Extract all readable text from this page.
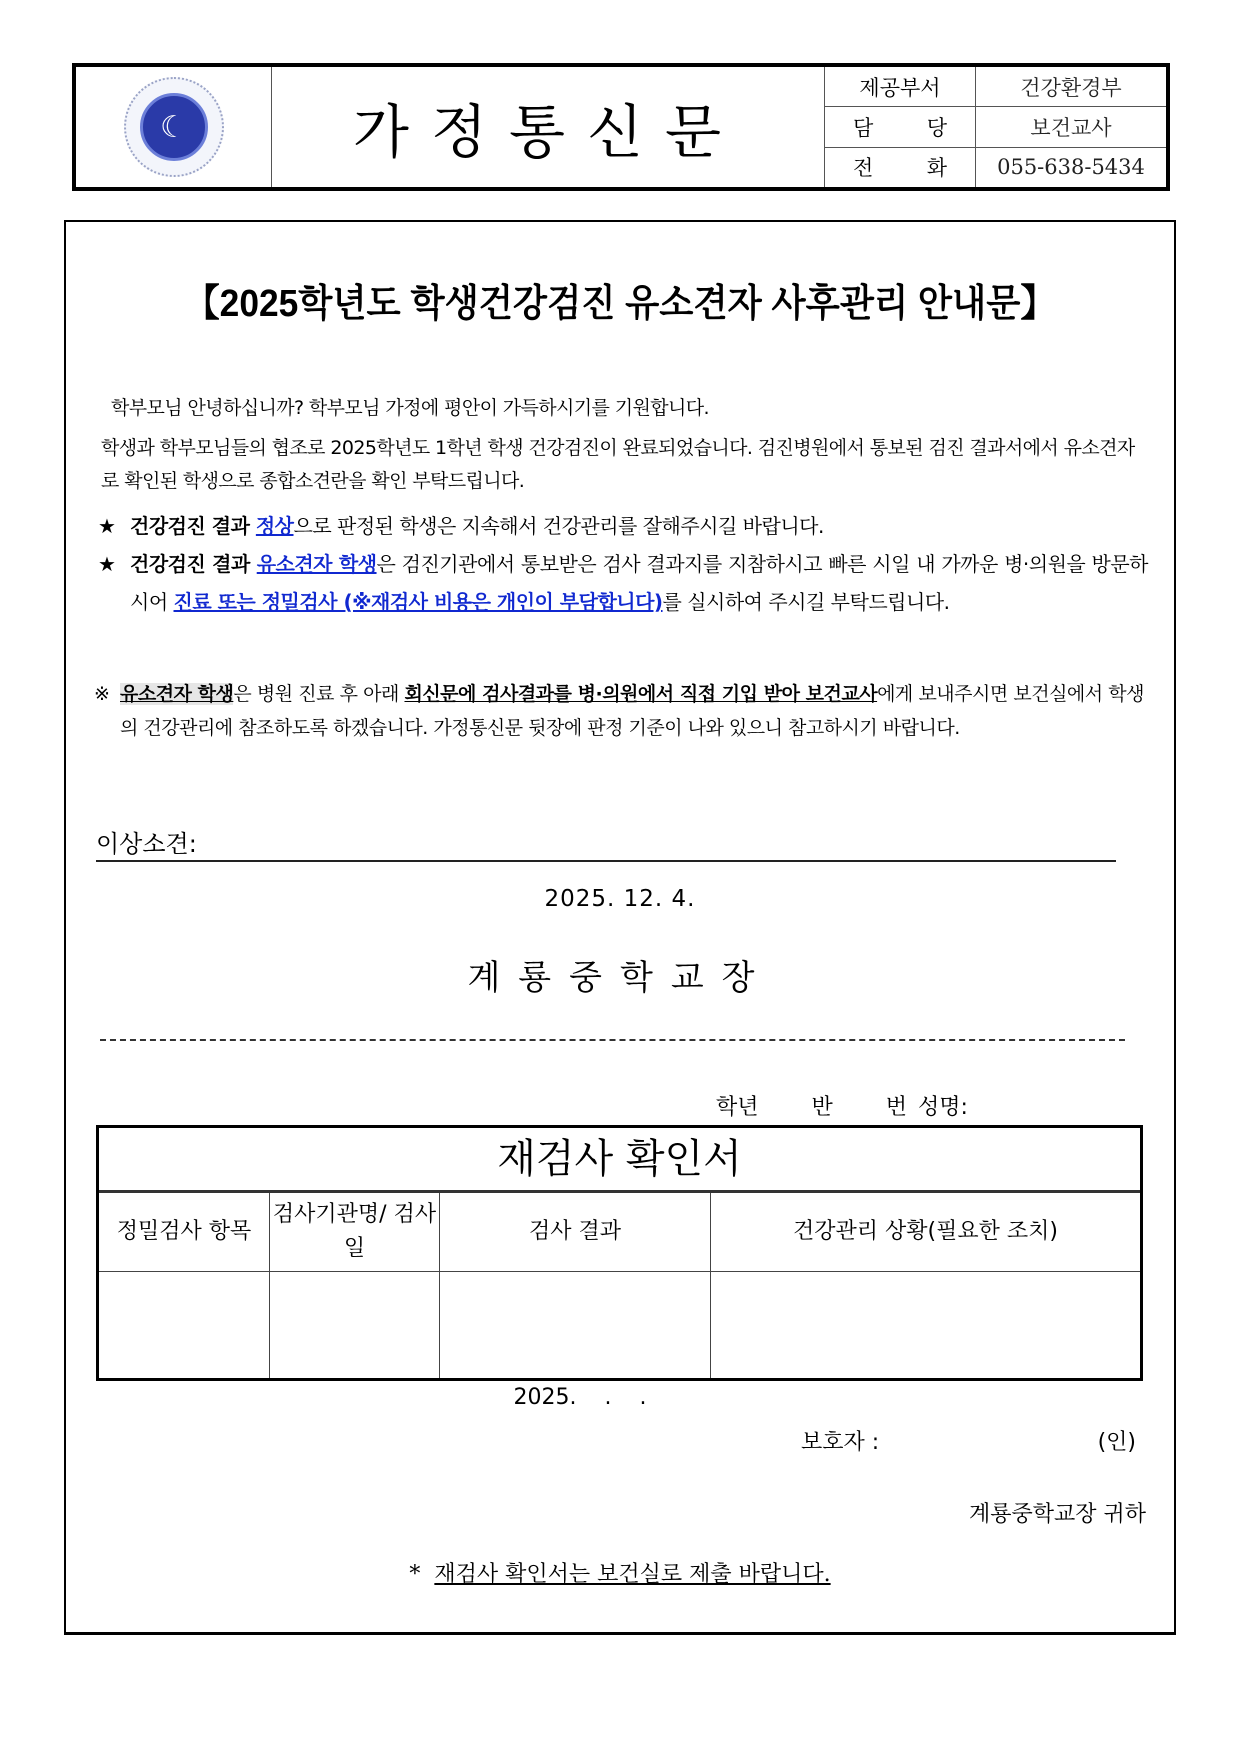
☾	가정통신문
제공부서	건강환경부

담 당	보건교사

전 화	055-638-5434
【2025학년도 학생건강검진 유소견자 사후관리 안내문】
학부모님 안녕하십니까? 학부모님 가정에 평안이 가득하시기를 기원합니다.
학생과 학부모님들의 협조로 2025학년도 1학년 학생 건강검진이 완료되었습니다. 검진병원에서 통보된 검진 결과서에서 유소견자로 확인된 학생으로 종합소견란을 확인 부탁드립니다.
★ 건강검진 결과 정상으로 판정된 학생은 지속해서 건강관리를 잘해주시길 바랍니다.
★ 건강검진 결과 유소견자 학생은 검진기관에서 통보받은 검사 결과지를 지참하시고 빠른 시일 내 가까운 병·의원을 방문하시어 진료 또는 정밀검사 (※재검사 비용은 개인이 부담합니다)를 실시하여 주시길 부탁드립니다.
※ 유소견자 학생은 병원 진료 후 아래 회신문에 검사결과를 병·의원에서 직접 기입 받아 보건교사에게 보내주시면 보건실에서 학생의 건강관리에 참조하도록 하겠습니다. 가정통신문 뒷장에 판정 기준이 나와 있으니 참고하시기 바랍니다.
이상소견:
2025. 12. 4.
계룡중학교장
학년 반 번 성명:
재검사 확인서
정밀검사 항목	검사기관명/ 검사일	검사 결과	건강관리 상황(필요한 조치)

2025.    .    .
보호자 :	(인)
계룡중학교장 귀하
* 재검사 확인서는 보건실로 제출 바랍니다.
